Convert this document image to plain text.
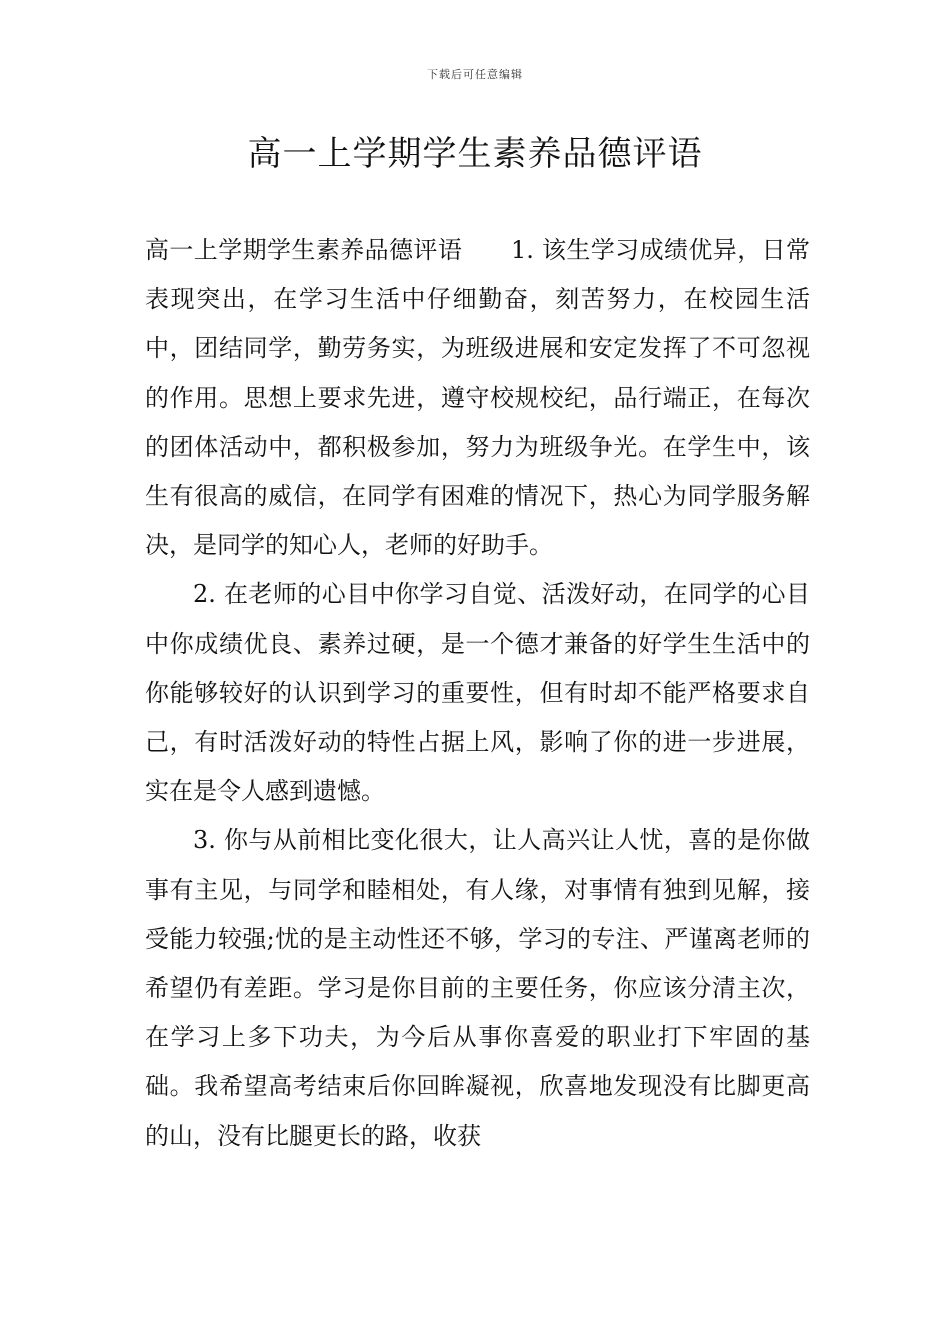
下载后可任意编辑
高一上学期学生素养品德评语

高一上学期学生素养品德评语　　1. 该生学习成绩优异，日常表现突出，在学习生活中仔细勤奋，刻苦努力，在校园生活中，团结同学，勤劳务实，为班级进展和安定发挥了不可忽视的作用。思想上要求先进，遵守校规校纪，品行端正，在每次的团体活动中，都积极参加，努力为班级争光。在学生中，该生有很高的威信，在同学有困难的情况下，热心为同学服务解决，是同学的知心人，老师的好助手。

2. 在老师的心目中你学习自觉、活泼好动，在同学的心目中你成绩优良、素养过硬，是一个德才兼备的好学生生活中的你能够较好的认识到学习的重要性，但有时却不能严格要求自己，有时活泼好动的特性占据上风，影响了你的进一步进展，实在是令人感到遗憾。

3. 你与从前相比变化很大，让人高兴让人忧，喜的是你做事有主见，与同学和睦相处，有人缘，对事情有独到见解，接受能力较强;忧的是主动性还不够，学习的专注、严谨离老师的希望仍有差距。学习是你目前的主要任务，你应该分清主次，在学习上多下功夫，为今后从事你喜爱的职业打下牢固的基础。我希望高考结束后你回眸凝视，欣喜地发现没有比脚更高的山，没有比腿更长的路，收获
